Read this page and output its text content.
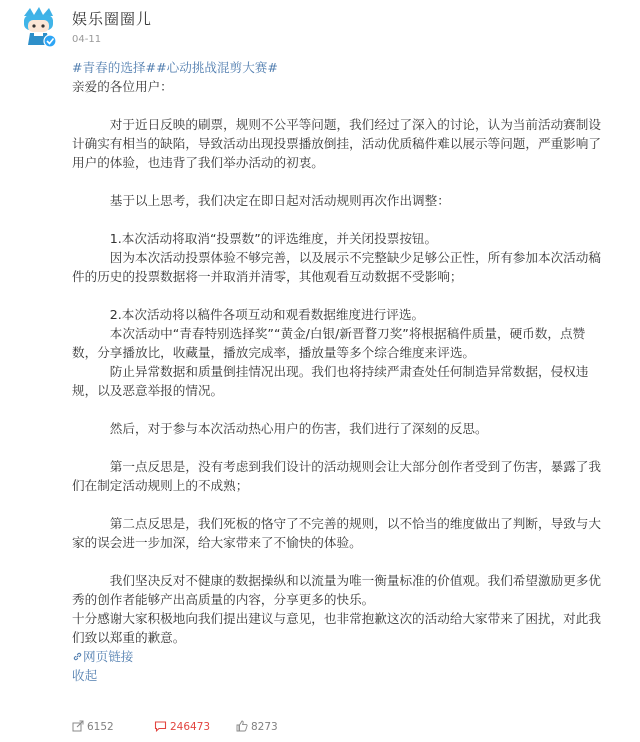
娱乐圈圈儿
04-11

#青春的选择##心动挑战混剪大赛#

亲爱的各位用户：

　　　对于近日反映的刷票，规则不公平等问题，我们经过了深入的讨论，认为当前活动赛制设计确实有相当的缺陷，导致活动出现投票播放倒挂，活动优质稿件难以展示等问题，严重影响了用户的体验，也违背了我们举办活动的初衷。

　　　基于以上思考，我们决定在即日起对活动规则再次作出调整：

　　　1.本次活动将取消“投票数”的评选维度，并关闭投票按钮。

　　　因为本次活动投票体验不够完善，以及展示不完整缺少足够公正性，所有参加本次活动稿件的历史的投票数据将一并取消并清零，其他观看互动数据不受影响；

　　　2.本次活动将以稿件各项互动和观看数据维度进行评选。

　　　本次活动中“青春特别选择奖”“黄金/白银/新晋瞀刀奖”将根据稿件质量，硬币数，点赞数，分享播放比，收藏量，播放完成率，播放量等多个综合维度来评选。

　　　防止异常数据和质量倒挂情况出现。我们也将持续严肃查处任何制造异常数据，侵权违规，以及恶意举报的情况。

　　　然后，对于参与本次活动热心用户的伤害，我们进行了深刻的反思。

　　　第一点反思是，没有考虑到我们设计的活动规则会让大部分创作者受到了伤害，暴露了我们在制定活动规则上的不成熟；

　　　第二点反思是，我们死板的恪守了不完善的规则，以不恰当的维度做出了判断，导致与大家的误会进一步加深，给大家带来了不愉快的体验。

　　　我们坚决反对不健康的数据操纵和以流量为唯一衡量标准的价值观。我们希望激励更多优秀的创作者能够产出高质量的内容，分享更多的快乐。

十分感谢大家积极地向我们提出建议与意见，也非常抱歉这次的活动给大家带来了困扰，对此我们致以郑重的歉意。

网页链接

收起

6152	246473	8273
